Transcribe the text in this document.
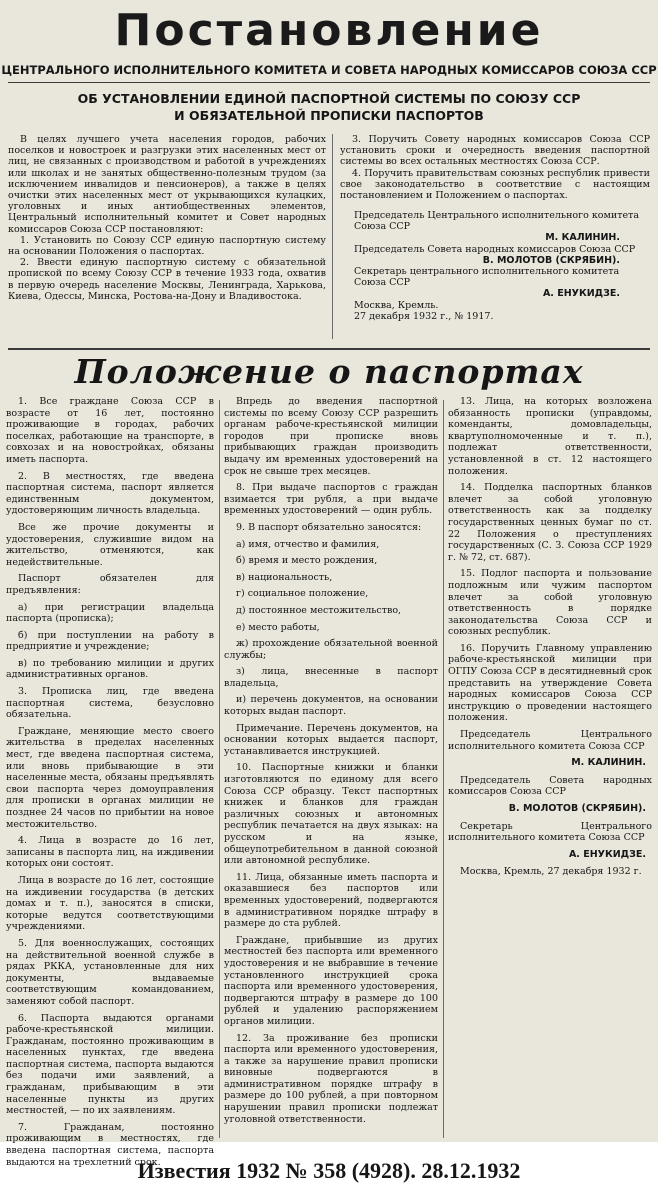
Постановление
ЦЕНТРАЛЬНОГО ИСПОЛНИТЕЛЬНОГО КОМИТЕТА И СОВЕТА НАРОДНЫХ КОМИССАРОВ СОЮЗА ССР
ОБ УСТАНОВЛЕНИИ ЕДИНОЙ ПАСПОРТНОЙ СИСТЕМЫ ПО СОЮЗУ ССР
И ОБЯЗАТЕЛЬНОЙ ПРОПИСКИ ПАСПОРТОВ

В целях лучшего учета населения городов, рабочих поселков и новостроек и разгрузки этих населенных мест от лиц, не связанных с производством и работой в учреждениях или школах и не занятых общественно-полезным трудом (за исключением инвалидов и пенсионеров), а также в целях очистки этих населенных мест от укрывающихся кулацких, уголовных и иных антиобщественных элементов, Центральный исполнительный комитет и Совет народных комиссаров Союза ССР постановляют:

1. Установить по Союзу ССР единую паспортную систему на основании Положения о паспортах.

2. Ввести единую паспортную систему с обязательной пропиской по всему Союзу ССР в течение 1933 года, охватив в первую очередь население Москвы, Ленинграда, Харькова, Киева, Одессы, Минска, Ростова-на-Дону и Владивостока.

3. Поручить Совету народных комиссаров Союза ССР установить сроки и очередность введения паспортной системы во всех остальных местностях Союза ССР.

4. Поручить правительствам союзных республик привести свое законодательство в соответствие с настоящим постановлением и Положением о паспортах.

Председатель Центрального исполнительного комитета Союза ССР
М. КАЛИНИН.
Председатель Совета народных комиссаров Союза ССР
В. МОЛОТОВ (СКРЯБИН).
Секретарь центрального исполнительного комитета Союза ССР
А. ЕНУКИДЗЕ.
Москва, Кремль.
27 декабря 1932 г., № 1917.
Положение о паспортах

1. Все граждане Союза ССР в возрасте от 16 лет, постоянно проживающие в городах, рабочих поселках, работающие на транспорте, в совхозах и на новостройках, обязаны иметь паспорта.

2. В местностях, где введена паспортная система, паспорт является единственным документом, удостоверяющим личность владельца.

Все же прочие документы и удостоверения, служившие видом на жительство, отменяются, как недействительные.

Паспорт обязателен для предъявления:

а) при регистрации владельца паспорта (прописка);

б) при поступлении на работу в предприятие и учреждение;

в) по требованию милиции и других административных органов.

3. Прописка лиц, где введена паспортная система, безусловно обязательна.

Граждане, меняющие место своего жительства в пределах населенных мест, где введена паспортная система, или вновь прибывающие в эти населенные места, обязаны предъявлять свои паспорта через домоуправления для прописки в органах милиции не позднее 24 часов по прибытии на новое местожительство.

4. Лица в возрасте до 16 лет, записаны в паспорта лиц, на иждивении которых они состоят.

Лица в возрасте до 16 лет, состоящие на иждивении государства (в детских домах и т. п.), заносятся в списки, которые ведутся соответствующими учреждениями.

5. Для военнослужащих, состоящих на действительной военной службе в рядах РККА, установленные для них документы, выдаваемые соответствующим командованием, заменяют собой паспорт.

6. Паспорта выдаются органами рабоче-крестьянской милиции. Гражданам, постоянно проживающим в населенных пунктах, где введена паспортная система, паспорта выдаются без подачи ими заявлений, а гражданам, прибывающим в эти населенные пункты из других местностей, — по их заявлениям.

7. Гражданам, постоянно проживающим в местностях, где введена паспортная система, паспорта выдаются на трехлетний срок.

Впредь до введения паспортной системы по всему Союзу ССР разрешить органам рабоче-крестьянской милиции городов при прописке вновь прибывающих граждан производить выдачу им временных удостоверений на срок не свыше трех месяцев.

8. При выдаче паспортов с граждан взимается три рубля, а при выдаче временных удостоверений — один рубль.

9. В паспорт обязательно заносятся:

а) имя, отчество и фамилия,

б) время и место рождения,

в) национальность,

г) социальное положение,

д) постоянное местожительство,

е) место работы,

ж) прохождение обязательной военной службы;

з) лица, внесенные в паспорт владельца,

и) перечень документов, на основании которых выдан паспорт.

Примечание. Перечень документов, на основании которых выдается паспорт, устанавливается инструкцией.

10. Паспортные книжки и бланки изготовляются по единому для всего Союза ССР образцу. Текст паспортных книжек и бланков для граждан различных союзных и автономных республик печатается на двух языках: на русском и на языке, общеупотребительном в данной союзной или автономной республике.

11. Лица, обязанные иметь паспорта и оказавшиеся без паспортов или временных удостоверений, подвергаются в административном порядке штрафу в размере до ста рублей.

Граждане, прибывшие из других местностей без паспорта или временного удостоверения и не выбравшие в течение установленного инструкцией срока паспорта или временного удостоверения, подвергаются штрафу в размере до 100 рублей и удалению распоряжением органов милиции.

12. За проживание без прописки паспорта или временного удостоверения, а также за нарушение правил прописки виновные подвергаются в административном порядке штрафу в размере до 100 рублей, а при повторном нарушении правил прописки подлежат уголовной ответственности.

13. Лица, на которых возложена обязанность прописки (управдомы, коменданты, домовладельцы, квартуполномоченные и т. п.), подлежат ответственности, установленной в ст. 12 настоящего положения.

14. Подделка паспортных бланков влечет за собой уголовную ответственность как за подделку государственных ценных бумаг по ст. 22 Положения о преступлениях государственных (С. З. Союза ССР 1929 г. № 72, ст. 687).

15. Подлог паспорта и пользование подложным или чужим паспортом влечет за собой уголовную ответственность в порядке законодательства Союза ССР и союзных республик.

16. Поручить Главному управлению рабоче-крестьянской милиции при ОГПУ Союза ССР в десятидневный срок представить на утверждение Совета народных комиссаров Союза ССР инструкцию о проведении настоящего положения.

Председатель Центрального исполнительного комитета Союза ССР

М. КАЛИНИН.

Председатель Совета народных комиссаров Союза ССР

В. МОЛОТОВ (СКРЯБИН).

Секретарь Центрального исполнительного комитета Союза ССР

А. ЕНУКИДЗЕ.

Москва, Кремль, 27 декабря 1932 г.

Известия 1932 № 358 (4928). 28.12.1932
